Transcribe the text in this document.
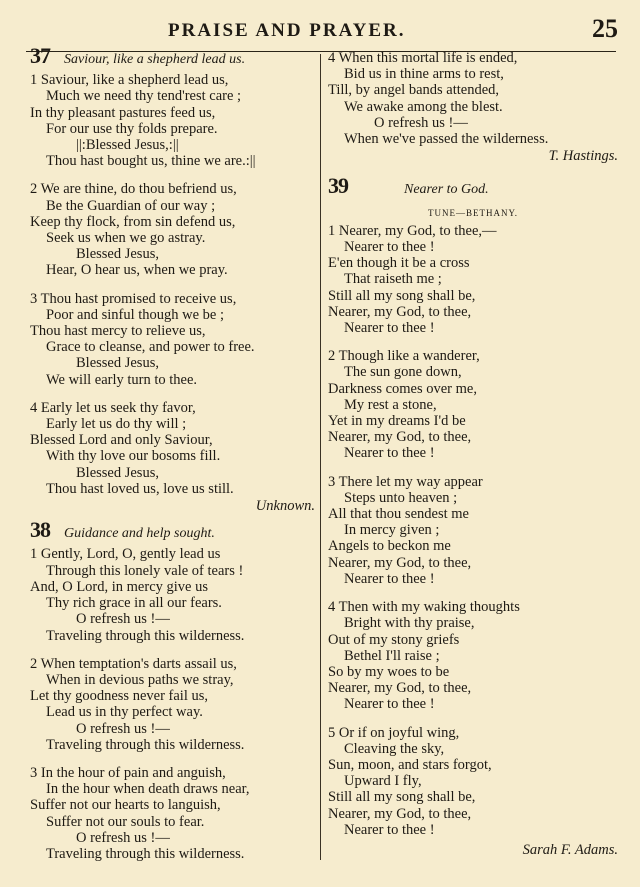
PRAISE AND PRAYER.	25
37 Saviour, like a shepherd lead us.
1 Saviour, like a shepherd lead us,
Much we need thy tend'rest care ;
In thy pleasant pastures feed us,
For our use thy folds prepare.
||:Blessed Jesus,:||
Thou hast bought us, thine we are.:||
2 We are thine, do thou befriend us,
Be the Guardian of our way ;
Keep thy flock, from sin defend us,
Seek us when we go astray.
Blessed Jesus,
Hear, O hear us, when we pray.
3 Thou hast promised to receive us,
Poor and sinful though we be ;
Thou hast mercy to relieve us,
Grace to cleanse, and power to free.
Blessed Jesus,
We will early turn to thee.
4 Early let us seek thy favor,
Early let us do thy will ;
Blessed Lord and only Saviour,
With thy love our bosoms fill.
Blessed Jesus,
Thou hast loved us, love us still.
Unknown.
38 Guidance and help sought.
1 Gently, Lord, O, gently lead us
Through this lonely vale of tears !
And, O Lord, in mercy give us
Thy rich grace in all our fears.
O refresh us !—
Traveling through this wilderness.
2 When temptation's darts assail us,
When in devious paths we stray,
Let thy goodness never fail us,
Lead us in thy perfect way.
O refresh us !—
Traveling through this wilderness.
3 In the hour of pain and anguish,
In the hour when death draws near,
Suffer not our hearts to languish,
Suffer not our souls to fear.
O refresh us !—
Traveling through this wilderness.
4 When this mortal life is ended,
Bid us in thine arms to rest,
Till, by angel bands attended,
We awake among the blest.
O refresh us !—
When we've passed the wilderness.
T. Hastings.
39	Nearer to God.
TUNE—BETHANY.
1 Nearer, my God, to thee,—
Nearer to thee !
E'en though it be a cross
That raiseth me ;
Still all my song shall be,
Nearer, my God, to thee,
Nearer to thee !
2 Though like a wanderer,
The sun gone down,
Darkness comes over me,
My rest a stone,
Yet in my dreams I'd be
Nearer, my God, to thee,
Nearer to thee !
3 There let my way appear
Steps unto heaven ;
All that thou sendest me
In mercy given ;
Angels to beckon me
Nearer, my God, to thee,
Nearer to thee !
4 Then with my waking thoughts
Bright with thy praise,
Out of my stony griefs
Bethel I'll raise ;
So by my woes to be
Nearer, my God, to thee,
Nearer to thee !
5 Or if on joyful wing,
Cleaving the sky,
Sun, moon, and stars forgot,
Upward I fly,
Still all my song shall be,
Nearer, my God, to thee,
Nearer to thee !
Sarah F. Adams.
